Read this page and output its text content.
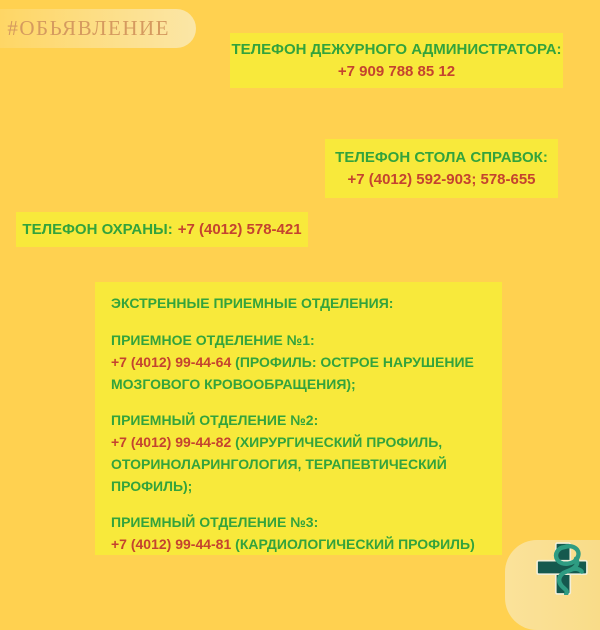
#ОБЬЯВЛЕНИЕ
ТЕЛЕФОН ДЕЖУРНОГО АДМИНИСТРАТОРА:
+7 909 788 85 12
ТЕЛЕФОН СТОЛА СПРАВОК:
+7 (4012) 592-903; 578-655
ТЕЛЕФОН ОХРАНЫ: +7 (4012) 578-421

ЭКСТРЕННЫЕ ПРИЕМНЫЕ ОТДЕЛЕНИЯ:

ПРИЕМНОЕ ОТДЕЛЕНИЕ №1:

+7 (4012) 99-44-64 (ПРОФИЛЬ: ОСТРОЕ НАРУШЕНИЕ МОЗГОВОГО КРОВООБРАЩЕНИЯ);

ПРИЕМНЫЙ ОТДЕЛЕНИЕ №2:

+7 (4012) 99-44-82 (ХИРУРГИЧЕСКИЙ ПРОФИЛЬ, ОТОРИНОЛАРИНГОЛОГИЯ, ТЕРАПЕВТИЧЕСКИЙ ПРОФИЛЬ);

ПРИЕМНЫЙ ОТДЕЛЕНИЕ №3:

+7 (4012) 99-44-81 (КАРДИОЛОГИЧЕСКИЙ ПРОФИЛЬ)
